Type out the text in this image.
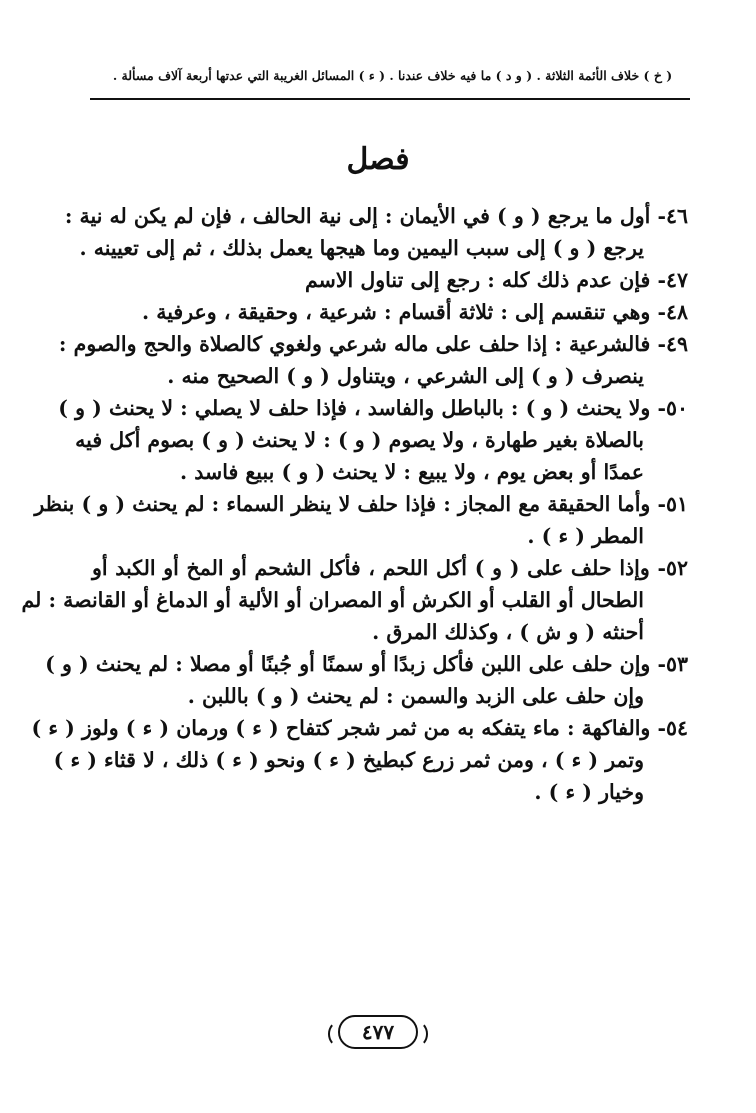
( خ ) خلاف الأئمة الثلاثة . ( و د ) ما فيه خلاف عندنا . ( ء ) المسائل الغريبة التي عدتها أربعة آلاف مسألة .
فصل
٤٦- أول ما يرجع ( و ) في الأيمان : إلى نية الحالف ، فإن لم يكن له نية :
يرجع ( و ) إلى سبب اليمين وما هيجها يعمل بذلك ، ثم إلى تعيينه .
٤٧- فإن عدم ذلك كله : رجع إلى تناول الاسم
٤٨- وهي تنقسم إلى : ثلاثة أقسام : شرعية ، وحقيقة ، وعرفية .
٤٩- فالشرعية : إذا حلف على ماله شرعي ولغوي كالصلاة والحج والصوم :
ينصرف ( و ) إلى الشرعي ، ويتناول ( و ) الصحيح منه .
٥٠- ولا يحنث ( و ) : بالباطل والفاسد ، فإذا حلف لا يصلي : لا يحنث ( و )
بالصلاة بغير طهارة ، ولا يصوم ( و ) : لا يحنث ( و ) بصوم أكل فيه
عمدًا أو بعض يوم ، ولا يبيع : لا يحنث ( و ) ببيع فاسد .
٥١- وأما الحقيقة مع المجاز : فإذا حلف لا ينظر السماء : لم يحنث ( و ) بنظر
المطر ( ء ) .
٥٢- وإذا حلف على ( و ) أكل اللحم ، فأكل الشحم أو المخ أو الكبد أو
الطحال أو القلب أو الكرش أو المصران أو الألية أو الدماغ أو القانصة : لم
أحنثه ( و ش ) ، وكذلك المرق .
٥٣- وإن حلف على اللبن فأكل زبدًا أو سمنًا أو جُبنًا أو مصلا : لم يحنث ( و )
وإن حلف على الزبد والسمن : لم يحنث ( و ) باللبن .
٥٤- والفاكهة : ماء يتفكه به من ثمر شجر كتفاح ( ء ) ورمان ( ء ) ولوز ( ء )
وتمر ( ء ) ، ومن ثمر زرع كبطيخ ( ء ) ونحو ( ء ) ذلك ، لا قثاء ( ء )
وخيار ( ء ) .
٤٧٧
